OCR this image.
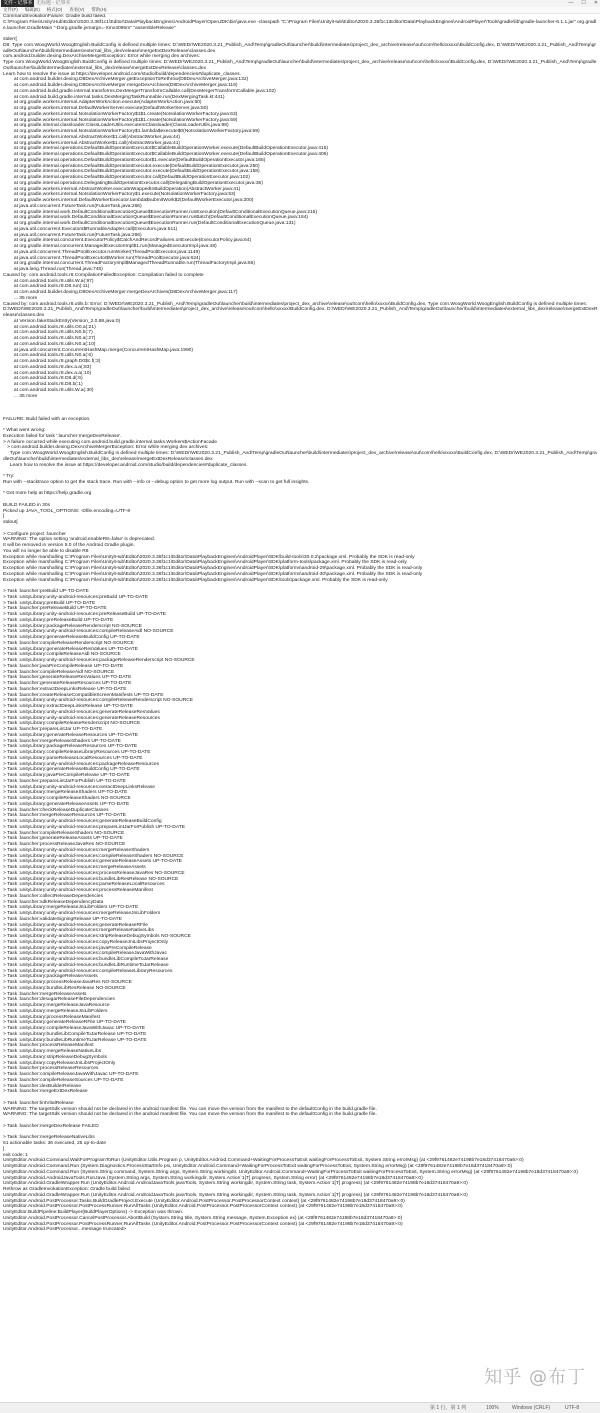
文件 - 记事本 无标题 - 记事本	— ☐ ✕
文件(F) 编辑(E) 格式(O) 查看(V) 帮助(H)
CommandInvokationFailure: Gradle build failed.
C:\Program Files\Unity\Hub\Editor\2020.3.36f1c1\Editor\Data\PlaybackEngines\AndroidPlayer\OpenJDK\bin\java.exe -classpath "C:\Program Files\Unity\Hub\Editor\2020.3.36f1c1\Editor\Data\PlaybackEngines\AndroidPlayer\Tools\gradle\lib\gradle-launcher-6.1.1.jar" org.gradle.launcher.GradleMain "-Dorg.gradle.jvmargs=-Xmx4096m" "assembleRelease"

stderr[
D8: Type com.WoogWorld.WoogEnglish.BuildConfig is defined multiple times: D:\WEDr\WE2020.3.21_Publish_And\Temp\gradleOut\launcher\build\intermediates\project_dex_archive\release\out\com\hello\xxxxx\BuildConfig.dex, D:\WEDr\WE2020.3.21_Publish_And\Temp\gradleOut\launcher\build\intermediates\external_libs_dex\release\mergeExtDexRelease\classes.dex
com.android.builder.dexing.DexArchiveMergerException: Error while merging dex archives:
Type com.WoogWorld.WoogEnglish.BuildConfig is defined multiple times: D:\WEDr\WE2020.3.21_Publish_And\Temp\gradleOut\launcher\build\intermediates\project_dex_archive\release\out\com\hello\xxxxx\BuildConfig.dex, D:\WEDr\WE2020.3.21_Publish_And\Temp\gradleOut\launcher\build\intermediates\external_libs_dex\release\mergeExtDexRelease\classes.dex
Learn how to resolve the issue at https://developer.android.com/studio/build/dependencies#duplicate_classes.
at com.android.builder.dexing.D8DexArchiveMerger.getExceptionToRethrow(D8DexArchiveMerger.java:132)
at com.android.builder.dexing.D8DexArchiveMerger.mergeDexArchives(D8DexArchiveMerger.java:119)
at com.android.build.gradle.internal.transforms.DexMergerTransformCallable.call(DexMergerTransformCallable.java:102)
at com.android.build.gradle.internal.tasks.DexMergingTaskRunnable.run(DexMergingTask.kt:441)
at org.gradle.workers.internal.AdapterWorkAction.execute(AdapterWorkAction.java:50)
at org.gradle.workers.internal.DefaultWorkerServer.execute(DefaultWorkerServer.java:50)
at org.gradle.workers.internal.NoIsolationWorkerFactory$1$1.create(NoIsolationWorkerFactory.java:63)
at org.gradle.workers.internal.NoIsolationWorkerFactory$1$1.create(NoIsolationWorkerFactory.java:59)
at org.gradle.internal.classloader.ClassLoaderUtils.executeInClassloader(ClassLoaderUtils.java:98)
at org.gradle.workers.internal.NoIsolationWorkerFactory$1.lambda$execute$0(NoIsolationWorkerFactory.java:59)
at org.gradle.workers.internal.AbstractWorker$1.call(AbstractWorker.java:44)
at org.gradle.workers.internal.AbstractWorker$1.call(AbstractWorker.java:41)
at org.gradle.internal.operations.DefaultBuildOperationExecutor$CallableBuildOperationWorker.execute(DefaultBuildOperationExecutor.java:416)
at org.gradle.internal.operations.DefaultBuildOperationExecutor$CallableBuildOperationWorker.execute(DefaultBuildOperationExecutor.java:406)
at org.gradle.internal.operations.DefaultBuildOperationExecutor$1.execute(DefaultBuildOperationExecutor.java:165)
at org.gradle.internal.operations.DefaultBuildOperationExecutor.execute(DefaultBuildOperationExecutor.java:250)
at org.gradle.internal.operations.DefaultBuildOperationExecutor.execute(DefaultBuildOperationExecutor.java:158)
at org.gradle.internal.operations.DefaultBuildOperationExecutor.call(DefaultBuildOperationExecutor.java:102)
at org.gradle.internal.operations.DelegatingBuildOperationExecutor.call(DelegatingBuildOperationExecutor.java:36)
at org.gradle.workers.internal.AbstractWorker.executeWrappedInBuildOperation(AbstractWorker.java:41)
at org.gradle.workers.internal.NoIsolationWorkerFactory$1.execute(NoIsolationWorkerFactory.java:53)
at org.gradle.workers.internal.DefaultWorkerExecutor.lambda$submitWork$2(DefaultWorkerExecutor.java:200)
at java.util.concurrent.FutureTask.run(FutureTask.java:266)
at org.gradle.internal.work.DefaultConditionalExecutionQueue$ExecutionRunner.runExecution(DefaultConditionalExecutionQueue.java:215)
at org.gradle.internal.work.DefaultConditionalExecutionQueue$ExecutionRunner.runBatch(DefaultConditionalExecutionQueue.java:164)
at org.gradle.internal.work.DefaultConditionalExecutionQueue$ExecutionRunner.run(DefaultConditionalExecutionQueue.java:131)
at java.util.concurrent.Executors$RunnableAdapter.call(Executors.java:511)
at java.util.concurrent.FutureTask.run(FutureTask.java:266)
at org.gradle.internal.concurrent.ExecutorPolicy$CatchAndRecordFailures.onExecute(ExecutorPolicy.java:64)
at org.gradle.internal.concurrent.ManagedExecutorImpl$1.run(ManagedExecutorImpl.java:48)
at java.util.concurrent.ThreadPoolExecutor.runWorker(ThreadPoolExecutor.java:1149)
at java.util.concurrent.ThreadPoolExecutor$Worker.run(ThreadPoolExecutor.java:624)
at org.gradle.internal.concurrent.ThreadFactoryImpl$ManagedThreadRunnable.run(ThreadFactoryImpl.java:56)
at java.lang.Thread.run(Thread.java:748)
Caused by: com.android.tools.r8.CompilationFailedException: Compilation failed to complete
at com.android.tools.r8.utils.W.a(:97)
at com.android.tools.r8.D8.run(:11)
at com.android.builder.dexing.D8DexArchiveMerger.mergeDexArchives(D8DexArchiveMerger.java:117)
... 35 more
Caused by: com.android.tools.r8.utils.b: Error: D:\WEDr\WE2020.3.21_Publish_And\Temp\gradleOut\launcher\build\intermediates\project_dex_archive\release\out\com\hello\xxxxx\BuildConfig.dex, Type com.WoogWorld.WoogEnglish.BuildConfig is defined multiple times: D:\WEDr\WE2020.3.21_Publish_And\Temp\gradleOut\launcher\build\intermediates\project_dex_archive\release\out\com\hello\xxxxx\BuildConfig.dex, D:\WEDr\WE2020.3.21_Publish_And\Temp\gradleOut\launcher\build\intermediates\external_libs_dex\release\mergeExtDexRelease\classes.dex
at Version.fakeStackEntry(Version_2.0.88.java:0)
at com.android.tools.r8.utils.O0.a(:21)
at com.android.tools.r8.utils.N0.b(:7)
at com.android.tools.r8.utils.N0.a(:27)
at com.android.tools.r8.utils.N0.a(:10)
at java.util.concurrent.ConcurrentHashMap.merge(ConcurrentHashMap.java:1990)
at com.android.tools.r8.utils.N0.a(:6)
at com.android.tools.r8.graph.D0$c.f(:3)
at com.android.tools.r8.dex.a.a(:83)
at com.android.tools.r8.dex.a.a(:10)
at com.android.tools.r8.D8.d(:6)
at com.android.tools.r8.D8.b(:1)
at com.android.tools.r8.utils.W.a(:30)
... 35 more

FAILURE: Build failed with an exception.

* What went wrong:
Execution failed for task ':launcher:mergeDexRelease'.
> A failure occurred while executing com.android.build.gradle.internal.tasks.Workers$ActionFacade
> com.android.builder.dexing.DexArchiveMergerException: Error while merging dex archives:
Type com.WoogWorld.WoogEnglish.BuildConfig is defined multiple times: D:\WEDr\WE2020.3.21_Publish_And\Temp\gradleOut\launcher\build\intermediates\project_dex_archive\release\out\com\hello\xxxxx\BuildConfig.dex, D:\WEDr\WE2020.3.21_Publish_And\Temp\gradleOut\launcher\build\intermediates\external_libs_dex\release\mergeExtDexRelease\classes.dex
Learn how to resolve the issue at https://developer.android.com/studio/build/dependencies#duplicate_classes.

* Try:
Run with --stacktrace option to get the stack trace. Run with --info or --debug option to get more log output. Run with --scan to get full insights.

* Get more help at https://help.gradle.org

BUILD FAILED in 30s
Picked up JAVA_TOOL_OPTIONS: -Dfile.encoding=UTF-8
]
stdout[

> Configure project :launcher
WARNING: The option setting 'android.enableR8=false' is deprecated.
It will be removed in version 5.0 of the Android Gradle plugin.
You will no longer be able to disable R8
Exception while marshalling C:\Program Files\Unity\Hub\Editor\2020.3.36f1c1\Editor\Data\PlaybackEngines\AndroidPlayer\SDK\build-tools\30.0.2\package.xml. Probably the SDK is read-only
Exception while marshalling C:\Program Files\Unity\Hub\Editor\2020.3.36f1c1\Editor\Data\PlaybackEngines\AndroidPlayer\SDK\platform-tools\package.xml. Probably the SDK is read-only
Exception while marshalling C:\Program Files\Unity\Hub\Editor\2020.3.36f1c1\Editor\Data\PlaybackEngines\AndroidPlayer\SDK\platforms\android-29\package.xml. Probably the SDK is read-only
Exception while marshalling C:\Program Files\Unity\Hub\Editor\2020.3.36f1c1\Editor\Data\PlaybackEngines\AndroidPlayer\SDK\platforms\android-30\package.xml. Probably the SDK is read-only
Exception while marshalling C:\Program Files\Unity\Hub\Editor\2020.3.36f1c1\Editor\Data\PlaybackEngines\AndroidPlayer\SDK\tools\package.xml. Probably the SDK is read-only

> Task :launcher:preBuild UP-TO-DATE
> Task :unityLibrary:unity-android-resources:preBuild UP-TO-DATE
> Task :unityLibrary:preBuild UP-TO-DATE
> Task :launcher:preReleaseBuild UP-TO-DATE
> Task :unityLibrary:unity-android-resources:preReleaseBuild UP-TO-DATE
> Task :unityLibrary:preReleaseBuild UP-TO-DATE
> Task :unityLibrary:packageReleaseRenderscript NO-SOURCE
> Task :unityLibrary:unity-android-resources:compileReleaseAidl NO-SOURCE
> Task :unityLibrary:generateReleaseBuildConfig UP-TO-DATE
> Task :launcher:compileReleaseRenderscript NO-SOURCE
> Task :unityLibrary:generateReleaseResValues UP-TO-DATE
> Task :unityLibrary:compileReleaseAidl NO-SOURCE
> Task :unityLibrary:unity-android-resources:packageReleaseRenderscript NO-SOURCE
> Task :launcher:javaPreCompileRelease UP-TO-DATE
> Task :launcher:compileReleaseAidl NO-SOURCE
> Task :launcher:generateReleaseResValues UP-TO-DATE
> Task :launcher:generateReleaseResources UP-TO-DATE
> Task :launcher:extractDeepLinksRelease UP-TO-DATE
> Task :launcher:createReleaseCompatibleScreenManifests UP-TO-DATE
> Task :unityLibrary:unity-android-resources:compileReleaseRenderscript NO-SOURCE
> Task :unityLibrary:extractDeepLinksRelease UP-TO-DATE
> Task :unityLibrary:unity-android-resources:generateReleaseResValues
> Task :unityLibrary:unity-android-resources:generateReleaseResources
> Task :unityLibrary:compileReleaseRenderscript NO-SOURCE
> Task :launcher:prepareLintJar UP-TO-DATE
> Task :unityLibrary:generateReleaseResources UP-TO-DATE
> Task :launcher:mergeReleaseShaders UP-TO-DATE
> Task :unityLibrary:packageReleaseResources UP-TO-DATE
> Task :unityLibrary:compileReleaseLibraryResources UP-TO-DATE
> Task :unityLibrary:parseReleaseLocalResources UP-TO-DATE
> Task :unityLibrary:unity-android-resources:packageReleaseResources
> Task :unityLibrary:generateReleaseBuildConfig UP-TO-DATE
> Task :unityLibrary:javaPreCompileRelease UP-TO-DATE
> Task :launcher:prepareLintJarForPublish UP-TO-DATE
> Task :unityLibrary:unity-android-resources:extractDeepLinksRelease
> Task :unityLibrary:mergeReleaseShaders UP-TO-DATE
> Task :unityLibrary:compileReleaseShaders NO-SOURCE
> Task :unityLibrary:generateReleaseAssets UP-TO-DATE
> Task :launcher:checkReleaseDuplicateClasses
> Task :launcher:mergeReleaseResources UP-TO-DATE
> Task :unityLibrary:unity-android-resources:generateReleaseBuildConfig
> Task :unityLibrary:unity-android-resources:prepareLintJarForPublish UP-TO-DATE
> Task :launcher:compileReleaseShaders NO-SOURCE
> Task :launcher:generateReleaseAssets UP-TO-DATE
> Task :launcher:processReleaseJavaRes NO-SOURCE
> Task :unityLibrary:unity-android-resources:mergeReleaseShaders
> Task :unityLibrary:unity-android-resources:compileReleaseShaders NO-SOURCE
> Task :unityLibrary:unity-android-resources:generateReleaseAssets UP-TO-DATE
> Task :unityLibrary:unity-android-resources:mergeReleaseAssets
> Task :unityLibrary:unity-android-resources:processReleaseJavaRes NO-SOURCE
> Task :unityLibrary:unity-android-resources:bundleLibResRelease NO-SOURCE
> Task :unityLibrary:unity-android-resources:parseReleaseLocalResources
> Task :unityLibrary:unity-android-resources:processReleaseManifest
> Task :launcher:collectReleaseDependencies
> Task :launcher:sdkReleaseDependencyData
> Task :unityLibrary:mergeReleaseJniLibFolders UP-TO-DATE
> Task :unityLibrary:unity-android-resources:mergeReleaseJniLibFolders
> Task :launcher:validateSigningRelease UP-TO-DATE
> Task :unityLibrary:unity-android-resources:generateReleaseRFile
> Task :unityLibrary:unity-android-resources:mergeReleaseNativeLibs
> Task :unityLibrary:unity-android-resources:stripReleaseDebugSymbols NO-SOURCE
> Task :unityLibrary:unity-android-resources:copyReleaseJniLibsProjectOnly
> Task :unityLibrary:unity-android-resources:javaPreCompileRelease
> Task :unityLibrary:unity-android-resources:compileReleaseJavaWithJavac
> Task :unityLibrary:unity-android-resources:bundleLibCompileToJarRelease
> Task :unityLibrary:unity-android-resources:bundleLibRuntimeToJarRelease
> Task :unityLibrary:unity-android-resources:compileReleaseLibraryResources
> Task :unityLibrary:packageReleaseAssets
> Task :unityLibrary:processReleaseJavaRes NO-SOURCE
> Task :unityLibrary:bundleLibResRelease NO-SOURCE
> Task :launcher:mergeReleaseAssets
> Task :launcher:desugarReleaseFileDependencies
> Task :unityLibrary:mergeReleaseJavaResource
> Task :unityLibrary:mergeReleaseJniLibFolders
> Task :unityLibrary:processReleaseManifest
> Task :unityLibrary:generateReleaseRFile UP-TO-DATE
> Task :unityLibrary:compileReleaseJavaWithJavac UP-TO-DATE
> Task :unityLibrary:bundleLibCompileToJarRelease UP-TO-DATE
> Task :unityLibrary:bundleLibRuntimeToJarRelease UP-TO-DATE
> Task :launcher:processReleaseManifest
> Task :unityLibrary:mergeReleaseNativeLibs
> Task :unityLibrary:stripReleaseDebugSymbols
> Task :unityLibrary:copyReleaseJniLibsProjectOnly
> Task :launcher:processReleaseResources
> Task :launcher:compileReleaseJavaWithJavac UP-TO-DATE
> Task :launcher:compileReleaseSources UP-TO-DATE
> Task :launcher:dexBuilderRelease
> Task :launcher:mergeExtDexRelease

> Task :launcher:lintVitalRelease
WARNING: The targetSdk version should not be declared in the android manifest file. You can move the version from the manifest to the defaultConfig in the build.gradle file.
WARNING: The targetSdk version should not be declared in the android manifest file. You can move the version from the manifest to the defaultConfig in the build.gradle file.

> Task :launcher:mergeDexRelease FAILED

> Task :launcher:mergeReleaseNativeLibs
61 actionable tasks: 36 executed, 25 up-to-date
]
exit code: 1
UnityEditor.Android.Command.WaitForProgramToRun (UnityEditor.Utils.Program p, UnityEditor.Android.Command+WaitingForProcessToExit waitingForProcessToExit, System.String errorMsg) (at <29f9761482e74198b7e18d37418470a9>:0)
UnityEditor.Android.Command.Run (System.Diagnostics.ProcessStartInfo psi, UnityEditor.Android.Command+WaitingForProcessToExit waitingForProcessToExit, System.String errorMsg) (at <29f9761482e74198b7e18d37418470a9>:0)
UnityEditor.Android.Command.Run (System.String command, System.String args, System.String workingdir, UnityEditor.Android.Command+WaitingForProcessToExit waitingForProcessToExit, System.String errorMsg) (at <29f9761482e74198b7e18d37418470a9>:0)
UnityEditor.Android.AndroidJavaTools.RunJava (System.String args, System.String workingdir, System.Action`1[T] progress, System.String error) (at <29f9761482e74198b7e18d37418470a9>:0)
UnityEditor.Android.GradleWrapper.Run (UnityEditor.Android.AndroidJavaTools javaTools, System.String workingdir, System.String task, System.Action`1[T] progress) (at <29f9761482e74198b7e18d37418470a9>:0)
Rethrow as GradleInvokationException: Gradle build failed
UnityEditor.Android.GradleWrapper.Run (UnityEditor.Android.AndroidJavaTools javaTools, System.String workingdir, System.String task, System.Action`1[T] progress) (at <29f9761482e74198b7e18d37418470a9>:0)
UnityEditor.Android.PostProcessor.Tasks.BuildGradleProject.Execute (UnityEditor.Android.PostProcessor.PostProcessorContext context) (at <29f9761482e74198b7e18d37418470a9>:0)
UnityEditor.Android.PostProcessor.PostProcessRunner.RunAllTasks (UnityEditor.Android.PostProcessor.PostProcessorContext context) (at <29f9761482e74198b7e18d37418470a9>:0)
UnityEditor.BuildPipeline:BuildPlayer(BuildPlayerOptions) -> Exception was thrown.
UnityEditor.Android.PostProcessor.CancelPostProcessor.AbortBuild (System.String title, System.String message, System.Exception ex) (at <29f9761482e74198b7e18d37418470a9>:0)
UnityEditor.Android.PostProcessor.PostProcessRunner.RunAllTasks (UnityEditor.Android.PostProcessor.PostProcessorContext context) (at <29f9761482e74198b7e18d37418470a9>:0)
UnityEditor.Android.PostProcessor...message truncated>
知乎 @布丁
第 1 行，第 1 列	100%	Windows (CRLF)	UTF-8
